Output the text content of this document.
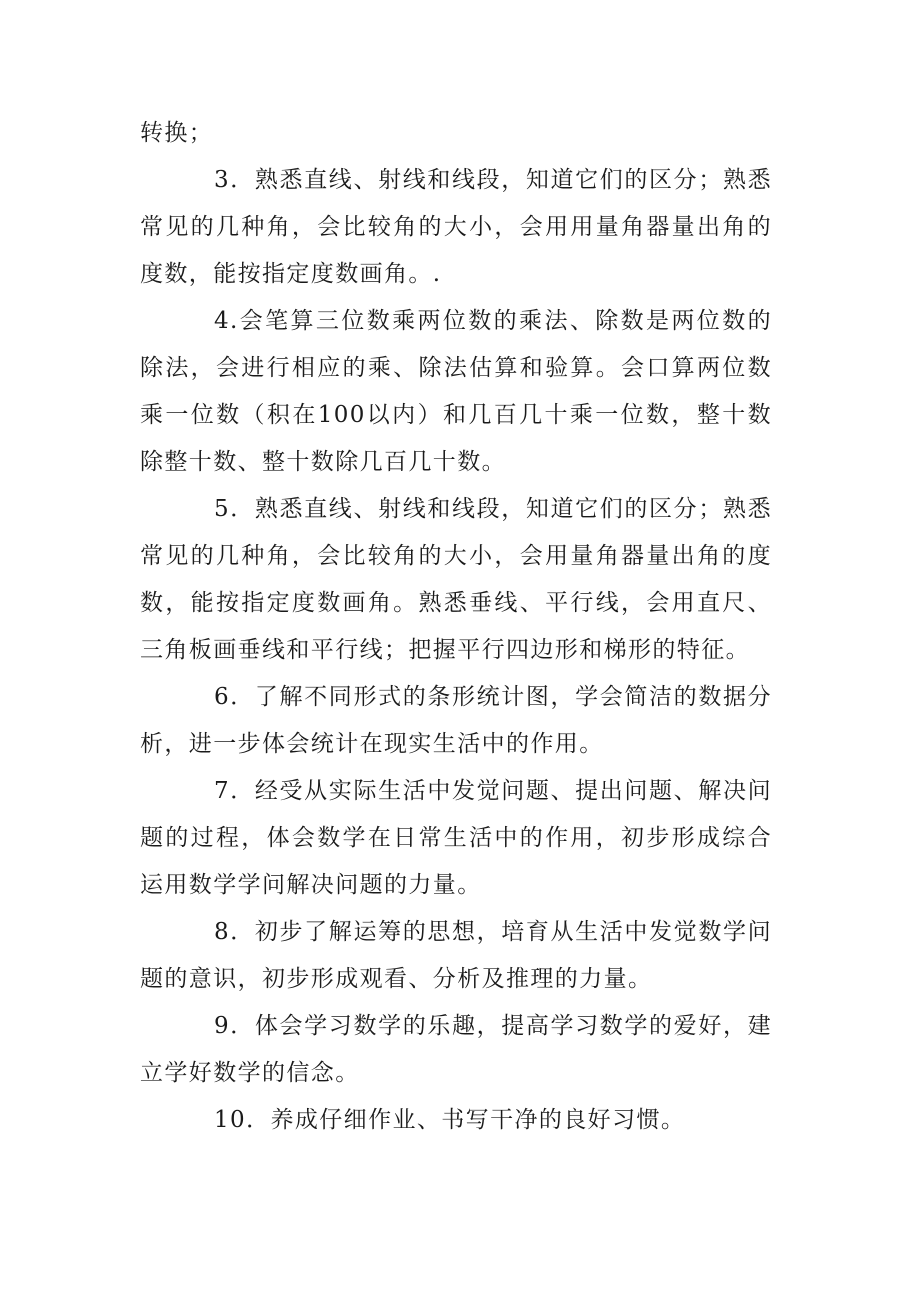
转换；

3．熟悉直线、射线和线段，知道它们的区分；熟悉常见的几种角，会比较角的大小，会用用量角器量出角的度数，能按指定度数画角。.

4.会笔算三位数乘两位数的乘法、除数是两位数的除法，会进行相应的乘、除法估算和验算。会口算两位数乘一位数（积在100以内）和几百几十乘一位数，整十数除整十数、整十数除几百几十数。

5．熟悉直线、射线和线段，知道它们的区分；熟悉常见的几种角，会比较角的大小，会用量角器量出角的度数，能按指定度数画角。熟悉垂线、平行线，会用直尺、三角板画垂线和平行线；把握平行四边形和梯形的特征。

6．了解不同形式的条形统计图，学会简洁的数据分析，进一步体会统计在现实生活中的作用。

7．经受从实际生活中发觉问题、提出问题、解决问题的过程，体会数学在日常生活中的作用，初步形成综合运用数学学问解决问题的力量。

8．初步了解运筹的思想，培育从生活中发觉数学问题的意识，初步形成观看、分析及推理的力量。

9．体会学习数学的乐趣，提高学习数学的爱好，建立学好数学的信念。

10．养成仔细作业、书写干净的良好习惯。
